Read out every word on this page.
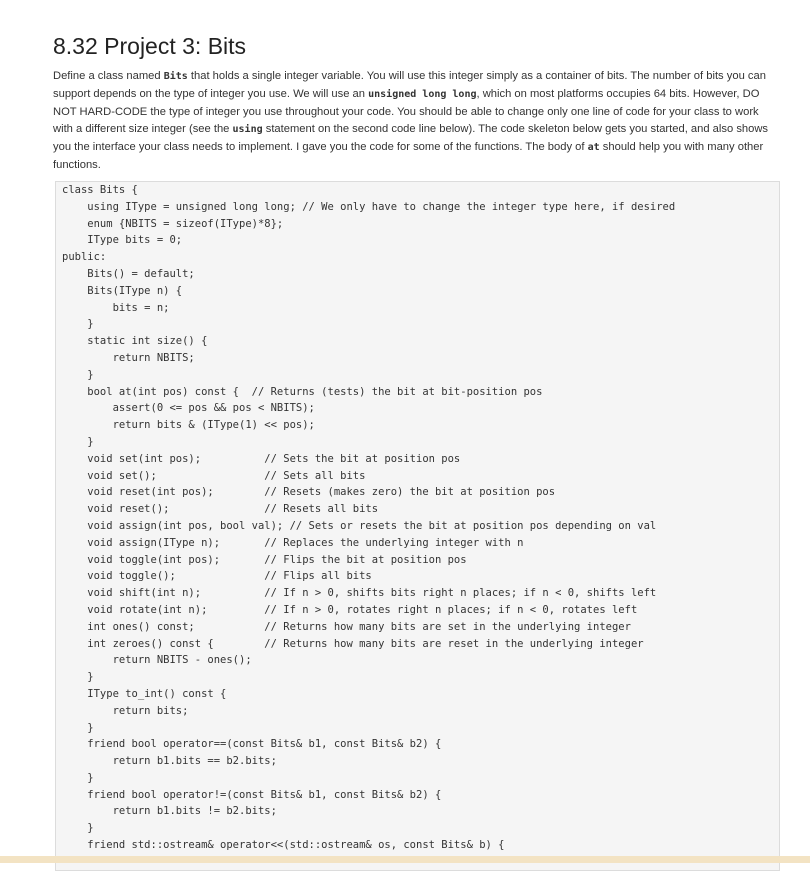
8.32 Project 3: Bits

Define a class named Bits that holds a single integer variable. You will use this integer simply as a container of bits. The number of bits you can support depends on the type of integer you use. We will use an unsigned long long, which on most platforms occupies 64 bits. However, DO NOT HARD-CODE the type of integer you use throughout your code. You should be able to change only one line of code for your class to work with a different size integer (see the using statement on the second code line below). The code skeleton below gets you started, and also shows you the interface your class needs to implement. I gave you the code for some of the functions. The body of at should help you with many other functions.

class Bits {
using IType = unsigned long long; // We only have to change the integer type here, if desired
enum {NBITS = sizeof(IType)*8};
IType bits = 0;
public:
Bits() = default;
Bits(IType n) {
bits = n;
}
static int size() {
return NBITS;
}
bool at(int pos) const {  // Returns (tests) the bit at bit-position pos
assert(0 <= pos && pos < NBITS);
return bits & (IType(1) << pos);
}
void set(int pos);          // Sets the bit at position pos
void set();                 // Sets all bits
void reset(int pos);        // Resets (makes zero) the bit at position pos
void reset();               // Resets all bits
void assign(int pos, bool val); // Sets or resets the bit at position pos depending on val
void assign(IType n);       // Replaces the underlying integer with n
void toggle(int pos);       // Flips the bit at position pos
void toggle();              // Flips all bits
void shift(int n);          // If n > 0, shifts bits right n places; if n < 0, shifts left
void rotate(int n);         // If n > 0, rotates right n places; if n < 0, rotates left
int ones() const;           // Returns how many bits are set in the underlying integer
int zeroes() const {        // Returns how many bits are reset in the underlying integer
return NBITS - ones();
}
IType to_int() const {
return bits;
}
friend bool operator==(const Bits& b1, const Bits& b2) {
return b1.bits == b2.bits;
}
friend bool operator!=(const Bits& b1, const Bits& b2) {
return b1.bits != b2.bits;
}
friend std::ostream& operator<<(std::ostream& os, const Bits& b) {
